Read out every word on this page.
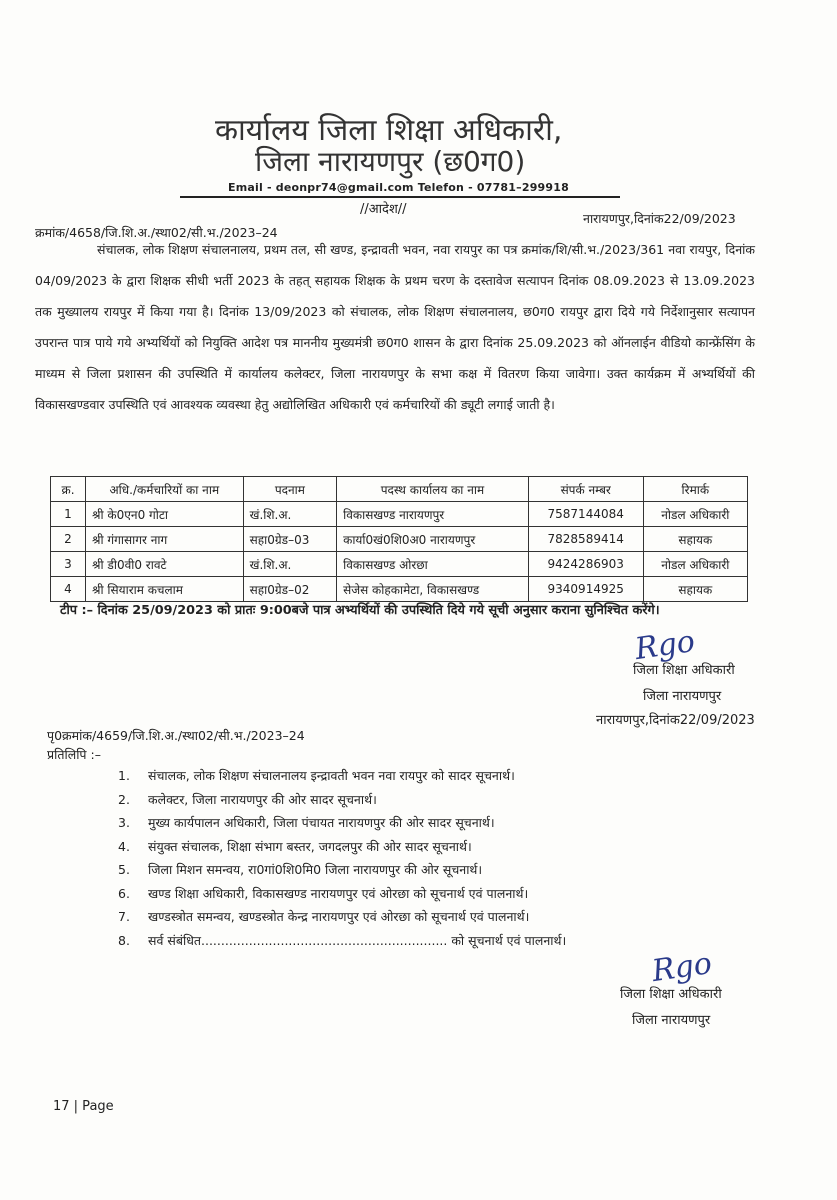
कार्यालय जिला शिक्षा अधिकारी,
जिला नारायणपुर (छ0ग0)
Email - deonpr74@gmail.com Telefon - 07781–299918
//आदेश//
क्रमांक/4658/जि.शि.अ./स्था02/सी.भ./2023–24
नारायणपुर,दिनांक22/09/2023
संचालक, लोक शिक्षण संचालनालय, प्रथम तल, सी खण्ड, इन्द्रावती भवन, नवा रायपुर का पत्र क्रमांक/शि/सी.भ./2023/361 नवा रायपुर, दिनांक 04/09/2023 के द्वारा शिक्षक सीधी भर्ती 2023 के तहत् सहायक शिक्षक के प्रथम चरण के दस्तावेज सत्यापन दिनांक 08.09.2023 से 13.09.2023 तक मुख्यालय रायपुर में किया गया है। दिनांक 13/09/2023 को संचालक, लोक शिक्षण संचालनालय, छ0ग0 रायपुर द्वारा दिये गये निर्देशानुसार सत्यापन उपरान्त पात्र पाये गये अभ्यर्थियों को नियुक्ति आदेश पत्र माननीय मुख्यमंत्री छ0ग0 शासन के द्वारा दिनांक 25.09.2023 को ऑनलाईन वीडियो कान्फ्रेंसिंग के माध्यम से जिला प्रशासन की उपस्थिति में कार्यालय कलेक्टर, जिला नारायणपुर के सभा कक्ष में वितरण किया जावेगा। उक्त कार्यक्रम में अभ्यर्थियों की विकासखण्डवार उपस्थिति एवं आवश्यक व्यवस्था हेतु अद्योलिखित अधिकारी एवं कर्मचारियों की ड्यूटी लगाई जाती है।
क्र.	अधि./कर्मचारियों का नाम	पदनाम	पदस्थ कार्यालय का नाम	संपर्क नम्बर	रिमार्क
1	श्री के0एन0 गोटा	खं.शि.अ.	विकासखण्ड नारायणपुर	7587144084	नोडल अधिकारी
2	श्री गंगासागर नाग	सहा0ग्रेड–03	कार्या0खं0शि0अ0 नारायणपुर	7828589414	सहायक
3	श्री डी0वी0 रावटे	खं.शि.अ.	विकासखण्ड ओरछा	9424286903	नोडल अधिकारी
4	श्री सियाराम कचलाम	सहा0ग्रेड–02	सेजेस कोहकामेटा, विकासखण्ड	9340914925	सहायक
टीप :– दिनांक 25/09/2023 को प्रातः 9:00बजे पात्र अभ्यर्थियों की उपस्थिति दिये गये सूची अनुसार कराना सुनिश्चित करेंगे।
Rgo
जिला शिक्षा अधिकारी
जिला नारायणपुर
नारायणपुर,दिनांक22/09/2023
पृ0क्रमांक/4659/जि.शि.अ./स्था02/सी.भ./2023–24
प्रतिलिपि :–
1. संचालक, लोक शिक्षण संचालनालय इन्द्रावती भवन नवा रायपुर को सादर सूचनार्थ।
2. कलेक्टर, जिला नारायणपुर की ओर सादर सूचनार्थ।
3. मुख्य कार्यपालन अधिकारी, जिला पंचायत नारायणपुर की ओर सादर सूचनार्थ।
4. संयुक्त संचालक, शिक्षा संभाग बस्तर, जगदलपुर की ओर सादर सूचनार्थ।
5. जिला मिशन समन्वय, रा0गां0शि0मि0 जिला नारायणपुर की ओर सूचनार्थ।
6. खण्ड शिक्षा अधिकारी, विकासखण्ड नारायणपुर एवं ओरछा को सूचनार्थ एवं पालनार्थ।
7. खण्डस्त्रोत समन्वय, खण्डस्त्रोत केन्द्र नारायणपुर एवं ओरछा को सूचनार्थ एवं पालनार्थ।
8. सर्व संबंधित.............................................................. को सूचनार्थ एवं पालनार्थ।
Rgo
जिला शिक्षा अधिकारी
जिला नारायणपुर
17 | Page
